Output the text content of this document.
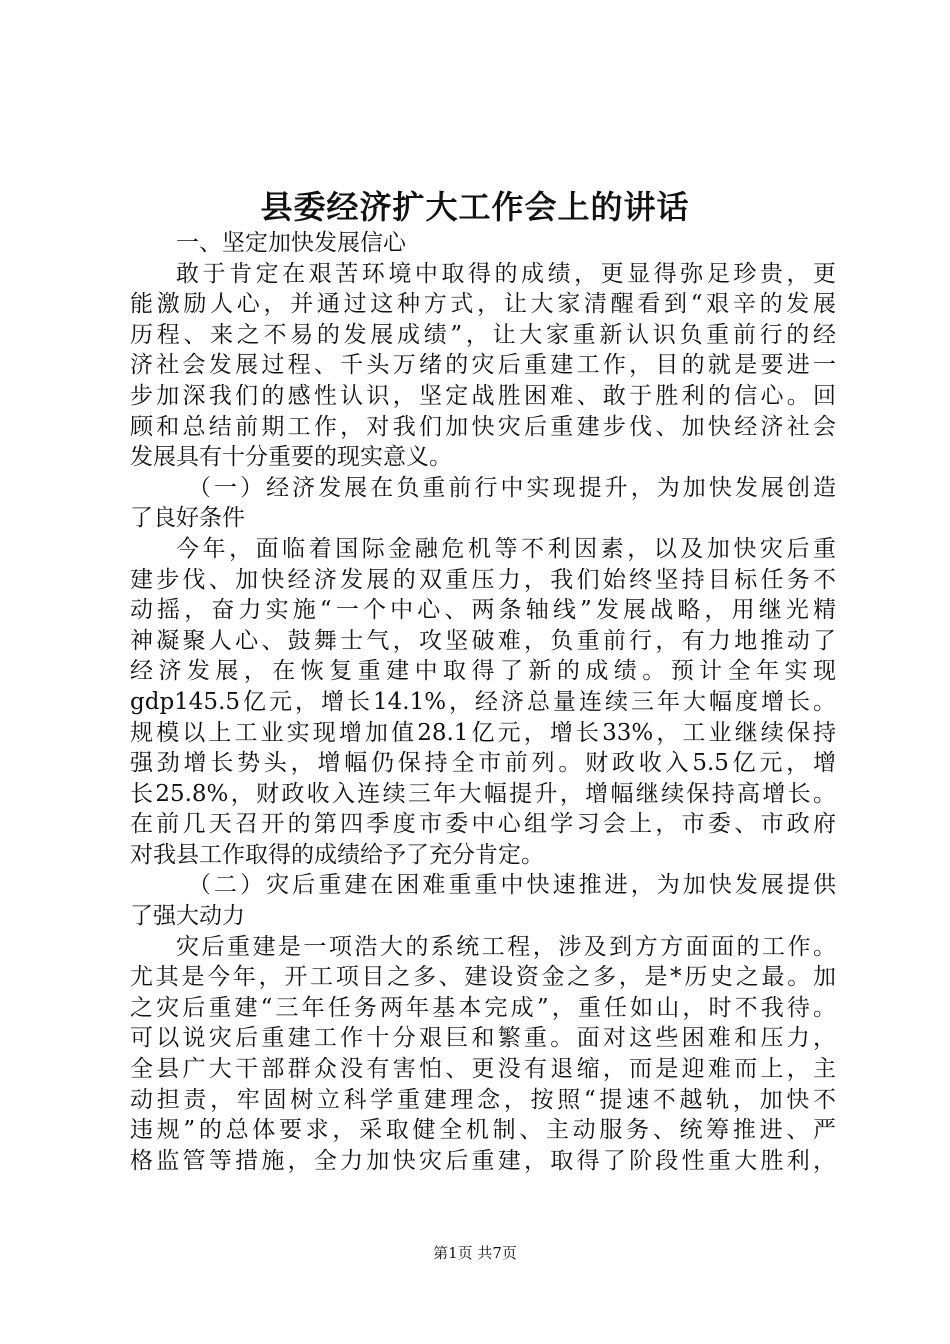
县委经济扩大工作会上的讲话
一、坚定加快发展信心
敢于肯定在艰苦环境中取得的成绩，更显得弥足珍贵，更
能激励人心，并通过这种方式，让大家清醒看到“艰辛的发展
历程、来之不易的发展成绩”，让大家重新认识负重前行的经
济社会发展过程、千头万绪的灾后重建工作，目的就是要进一
步加深我们的感性认识，坚定战胜困难、敢于胜利的信心。回
顾和总结前期工作，对我们加快灾后重建步伐、加快经济社会
发展具有十分重要的现实意义。
（一）经济发展在负重前行中实现提升，为加快发展创造
了良好条件
今年，面临着国际金融危机等不利因素，以及加快灾后重
建步伐、加快经济发展的双重压力，我们始终坚持目标任务不
动摇，奋力实施“一个中心、两条轴线”发展战略，用继光精
神凝聚人心、鼓舞士气，攻坚破难，负重前行，有力地推动了
经济发展，在恢复重建中取得了新的成绩。预计全年实现
gdp145.5亿元，增长14.1%，经济总量连续三年大幅度增长。
规模以上工业实现增加值28.1亿元，增长33%，工业继续保持
强劲增长势头，增幅仍保持全市前列。财政收入5.5亿元，增
长25.8%，财政收入连续三年大幅提升，增幅继续保持高增长。
在前几天召开的第四季度市委中心组学习会上，市委、市政府
对我县工作取得的成绩给予了充分肯定。
（二）灾后重建在困难重重中快速推进，为加快发展提供
了强大动力
灾后重建是一项浩大的系统工程，涉及到方方面面的工作。
尤其是今年，开工项目之多、建设资金之多，是*历史之最。加
之灾后重建“三年任务两年基本完成”，重任如山，时不我待。
可以说灾后重建工作十分艰巨和繁重。面对这些困难和压力，
全县广大干部群众没有害怕、更没有退缩，而是迎难而上，主
动担责，牢固树立科学重建理念，按照“提速不越轨，加快不
违规”的总体要求，采取健全机制、主动服务、统筹推进、严
格监管等措施，全力加快灾后重建，取得了阶段性重大胜利，
第1页 共7页
